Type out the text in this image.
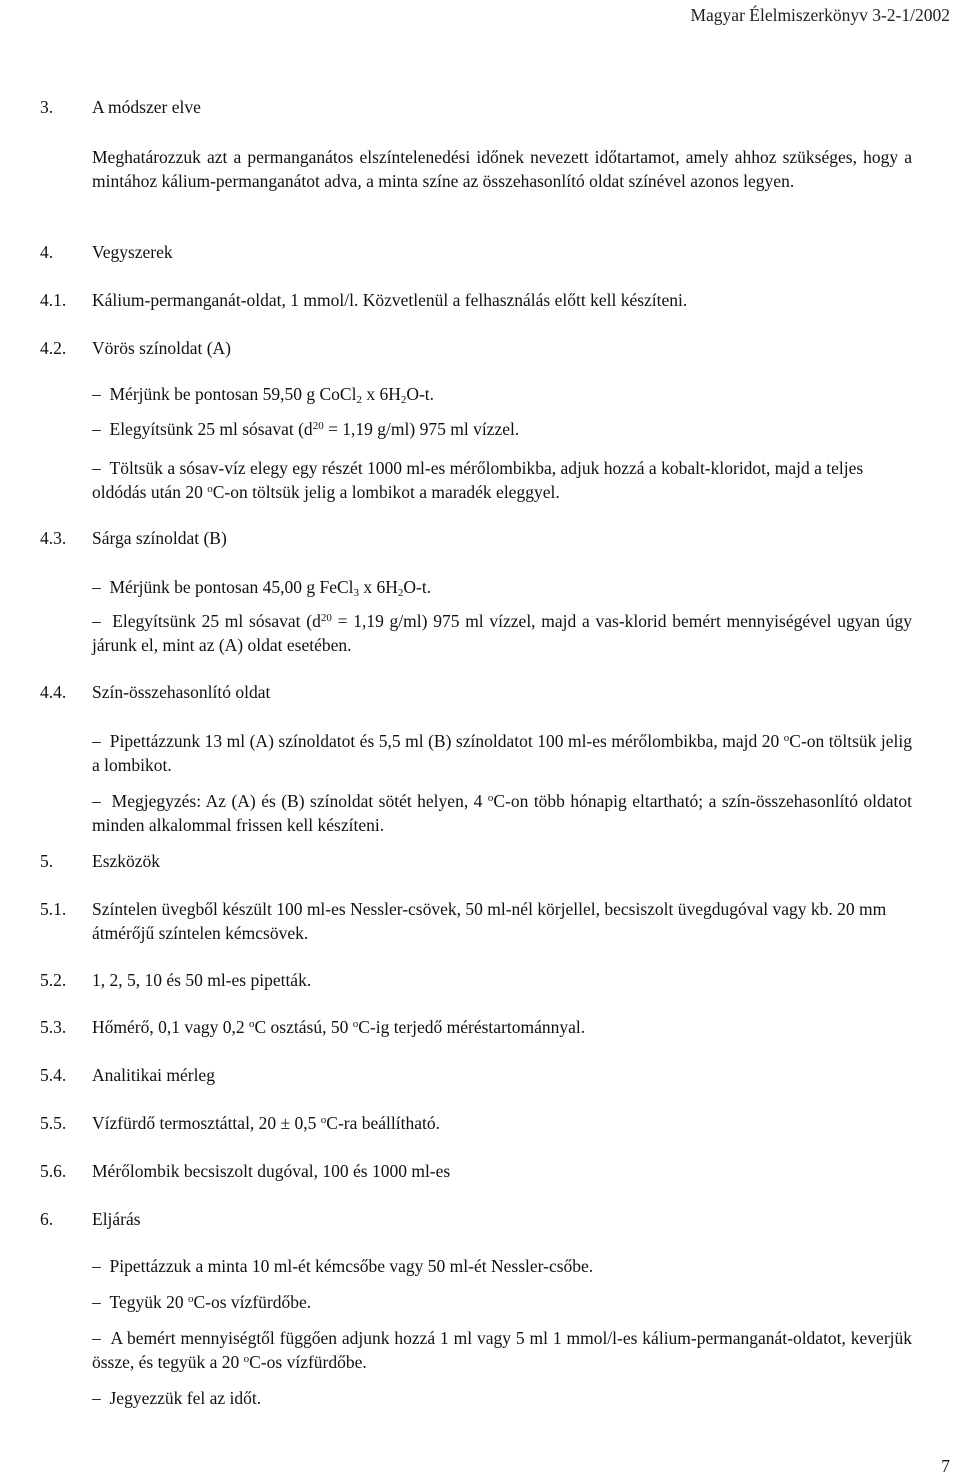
Magyar Élelmiszerkönyv 3-2-1/2002
3. A módszer elve
Meghatározzuk azt a permanganátos elszíntelenedési időnek nevezett időtartamot, amely ahhoz szükséges, hogy a mintához kálium-permanganátot adva, a minta színe az összehasonlító oldat színével azonos legyen.
4. Vegyszerek
4.1. Kálium-permanganát-oldat, 1 mmol/l. Közvetlenül a felhasználás előtt kell készíteni.
4.2. Vörös színoldat (A)
– Mérjünk be pontosan 59,50 g CoCl$_2$ x $6H_2O-t$.
– Elegyítsünk 25 ml sósavat ($d^{20} = 1,19$ g/ml) 975 ml vízzel.
– Töltsük a sósav-víz elegy egy részét 1000 ml-es mérőlombikba, adjuk hozzá a kobalt-kloridot, majd a teljes oldódás után 20 $^o$C-on töltsük jelig a lombikot a maradék eleggyel.
4.3. Sárga színoldat (B)
– Mérjünk be pontosan 45,00 g FeCl$_3$ x $6H_2O-t$.
– Elegyítsünk 25 ml sósavat ($d^{20} = 1,19$ g/ml) 975 ml vízzel, majd a vas-klorid bemért mennyiségével ugyan úgy járunk el, mint az (A) oldat esetében.
4.4. Szín-összehasonlító oldat
– Pipettázzunk 13 ml (A) színoldatot és 5,5 ml (B) színoldatot 100 ml-es mérőlombikba, majd 20 $^o$C-on töltsük jelig a lombikot.
– Megjegyzés: Az (A) és (B) színoldat sötét helyen, 4 $^o$C-on több hónapig eltartható; a szín-összehasonlító oldatot minden alkalommal frissen kell készíteni.
5. Eszközök
5.1. Színtelen üvegből készült 100 ml-es Nessler-csövek, 50 ml-nél körjellel, becsiszolt üvegdugóval vagy kb. 20 mm átmérőjű színtelen kémcsövek.
5.2. 1, 2, 5, 10 és 50 ml-es pipetták.
5.3. Hőmérő, 0,1 vagy 0,2 $^o$C osztású, 50 $^o$C-ig terjedő méréstartománnyal.
5.4. Analitikai mérleg
5.5. Vízfürdő termosztáttal, 20 ± 0,5 $^o$C-ra beállítható.
5.6. Mérőlombik becsiszolt dugóval, 100 és 1000 ml-es
6. Eljárás
– Pipettázzuk a minta 10 ml-ét kémcsőbe vagy 50 ml-ét Nessler-csőbe.
– Tegyük 20 $^o$C-os vízfürdőbe.
– A bemért mennyiségtől függően adjunk hozzá 1 ml vagy 5 ml 1 mmol/l-es kálium-permanganát-oldatot, keverjük össze, és tegyük a 20 $^o$C-os vízfürdőbe.
– Jegyezzük fel az időt.
7
